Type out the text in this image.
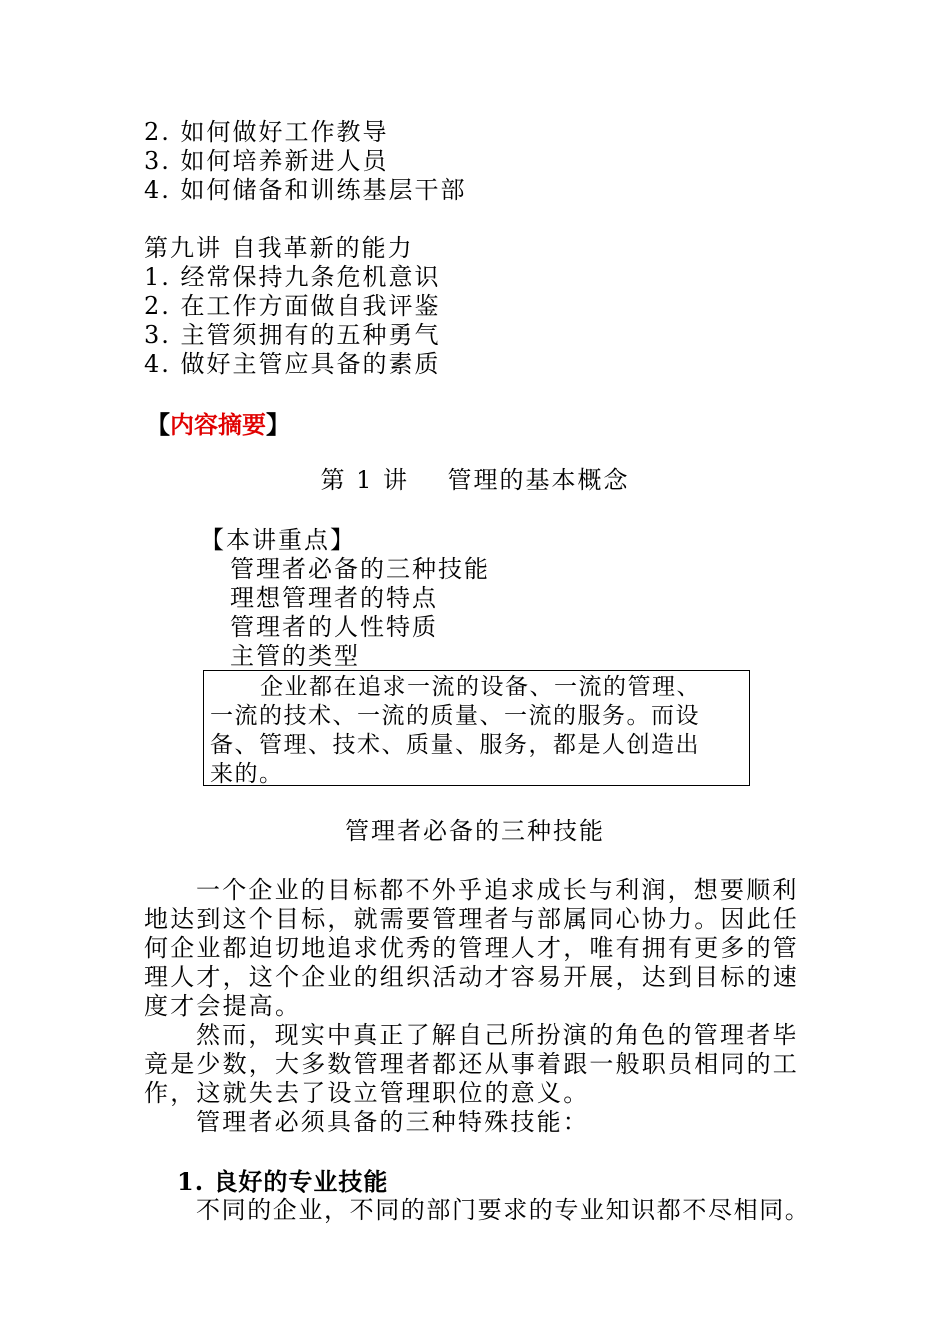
2. 如何做好工作教导
3. 如何培养新进人员
4. 如何储备和训练基层干部
第九讲 自我革新的能力
1. 经常保持九条危机意识
2. 在工作方面做自我评鉴
3. 主管须拥有的五种勇气
4. 做好主管应具备的素质
【内容摘要】
第 1 讲    管理的基本概念
【本讲重点】
管理者必备的三种技能
理想管理者的特点
管理者的人性特质
主管的类型
企业都在追求一流的设备、一流的管理、
一流的技术、一流的质量、一流的服务。而设
备、管理、技术、质量、服务，都是人创造出
来的。
管理者必备的三种技能
一个企业的目标都不外乎追求成长与利润，想要顺利
地达到这个目标，就需要管理者与部属同心协力。因此任
何企业都迫切地追求优秀的管理人才，唯有拥有更多的管
理人才，这个企业的组织活动才容易开展，达到目标的速
度才会提高。
然而，现实中真正了解自己所扮演的角色的管理者毕
竟是少数，大多数管理者都还从事着跟一般职员相同的工
作，这就失去了设立管理职位的意义。
管理者必须具备的三种特殊技能：
1. 良好的专业技能
不同的企业，不同的部门要求的专业知识都不尽相同。
